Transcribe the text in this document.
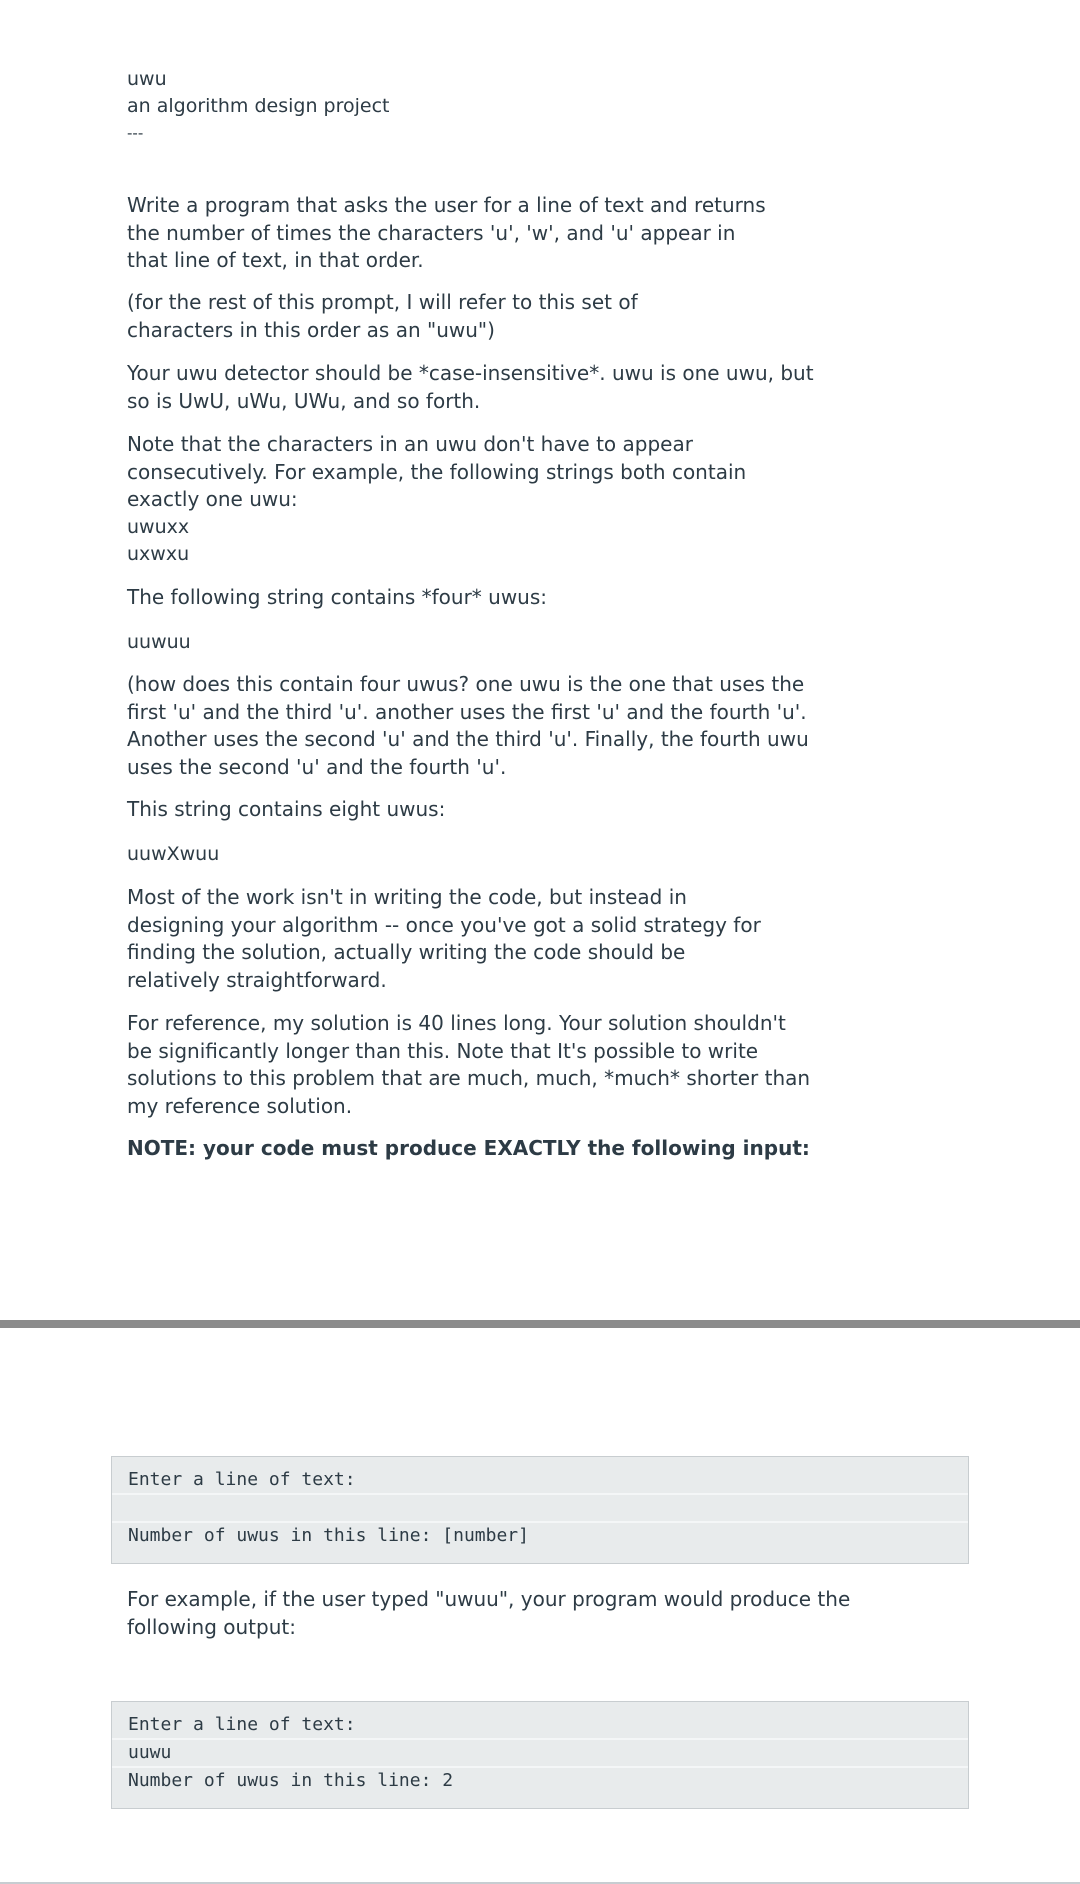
uwu
an algorithm design project
---

Write a program that asks the user for a line of text and returns the number of times the characters 'u', 'w', and 'u' appear in that line of text, in that order.

(for the rest of this prompt, I will refer to this set of characters in this order as an "uwu")

Your uwu detector should be *case-insensitive*. uwu is one uwu, but so is UwU, uWu, UWu, and so forth.

Note that the characters in an uwu don't have to appear consecutively. For example, the following strings both contain exactly one uwu:

uwuxx
uxwxu

The following string contains *four* uwus:

uuwuu

(how does this contain four uwus? one uwu is the one that uses the first 'u' and the third 'u'. another uses the first 'u' and the fourth 'u'. Another uses the second 'u' and the third 'u'. Finally, the fourth uwu uses the second 'u' and the fourth 'u'.

This string contains eight uwus:

uuwXwuu

Most of the work isn't in writing the code, but instead in designing your algorithm -- once you've got a solid strategy for finding the solution, actually writing the code should be relatively straightforward.

For reference, my solution is 40 lines long. Your solution shouldn't be significantly longer than this. Note that It's possible to write solutions to this problem that are much, much, *much* shorter than my reference solution.

NOTE: your code must produce EXACTLY the following input:

Enter a line of text:
Number of uwus in this line: [number]

For example, if the user typed "uwuu", your program would produce the following output:

Enter a line of text:
uuwu
Number of uwus in this line: 2
